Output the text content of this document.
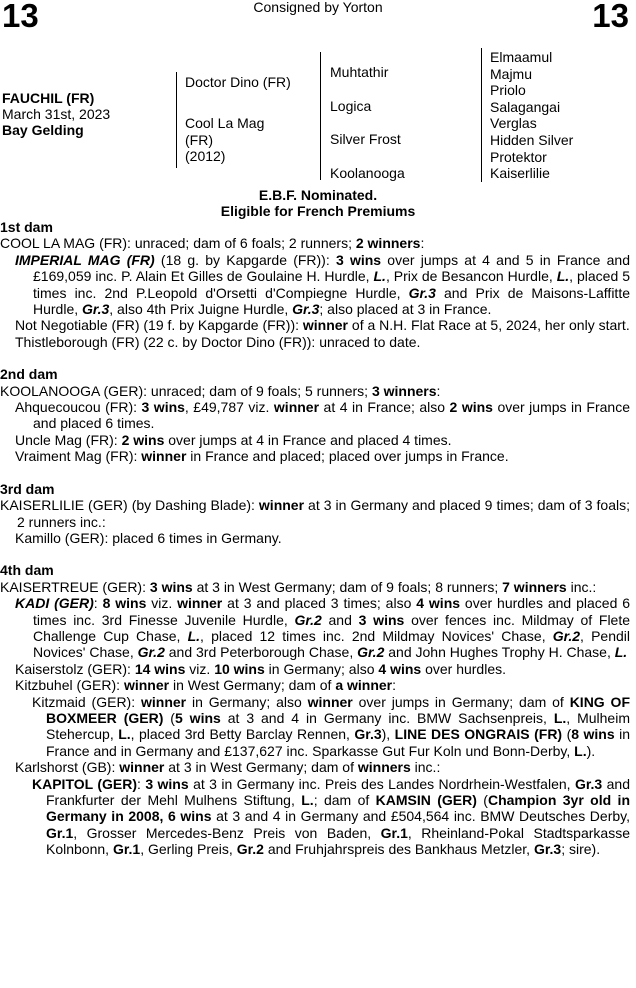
13	Consigned by Yorton	13
FAUCHIL (FR)
March 31st, 2023
Bay Gelding
Doctor Dino (FR)
Cool La Mag
(FR)
(2012)
Muhtathir
Logica
Silver Frost
Koolanooga
Elmaamul
Majmu
Priolo
Salagangai
Verglas
Hidden Silver
Protektor
Kaiserlilie
E.B.F. Nominated.
Eligible for French Premiums
1st dam
COOL LA MAG (FR): unraced; dam of 6 foals; 2 runners; 2 winners:
IMPERIAL MAG (FR) (18 g. by Kapgarde (FR)): 3 wins over jumps at 4 and 5 in France and £169,059 inc. P. Alain Et Gilles de Goulaine H. Hurdle, L., Prix de Besancon Hurdle, L., placed 5 times inc. 2nd P.Leopold d'Orsetti d'Compiegne Hurdle, Gr.3 and Prix de Maisons-Laffitte Hurdle, Gr.3, also 4th Prix Juigne Hurdle, Gr.3; also placed at 3 in France.
Not Negotiable (FR) (19 f. by Kapgarde (FR)): winner of a N.H. Flat Race at 5, 2024, her only start.
Thistleborough (FR) (22 c. by Doctor Dino (FR)): unraced to date.
2nd dam
KOOLANOOGA (GER): unraced; dam of 9 foals; 5 runners; 3 winners:
Ahquecoucou (FR): 3 wins, £49,787 viz. winner at 4 in France; also 2 wins over jumps in France and placed 6 times.
Uncle Mag (FR): 2 wins over jumps at 4 in France and placed 4 times.
Vraiment Mag (FR): winner in France and placed; placed over jumps in France.
3rd dam
KAISERLILIE (GER) (by Dashing Blade): winner at 3 in Germany and placed 9 times; dam of 3 foals; 2 runners inc.:
Kamillo (GER): placed 6 times in Germany.
4th dam
KAISERTREUE (GER): 3 wins at 3 in West Germany; dam of 9 foals; 8 runners; 7 winners inc.:
KADI (GER): 8 wins viz. winner at 3 and placed 3 times; also 4 wins over hurdles and placed 6 times inc. 3rd Finesse Juvenile Hurdle, Gr.2 and 3 wins over fences inc. Mildmay of Flete Challenge Cup Chase, L., placed 12 times inc. 2nd Mildmay Novices' Chase, Gr.2, Pendil Novices' Chase, Gr.2 and 3rd Peterborough Chase, Gr.2 and John Hughes Trophy H. Chase, L.
Kaiserstolz (GER): 14 wins viz. 10 wins in Germany; also 4 wins over hurdles.
Kitzbuhel (GER): winner in West Germany; dam of a winner:
Kitzmaid (GER): winner in Germany; also winner over jumps in Germany; dam of KING OF BOXMEER (GER) (5 wins at 3 and 4 in Germany inc. BMW Sachsenpreis, L., Mulheim Stehercup, L., placed 3rd Betty Barclay Rennen, Gr.3), LINE DES ONGRAIS (FR) (8 wins in France and in Germany and £137,627 inc. Sparkasse Gut Fur Koln und Bonn-Derby, L.).
Karlshorst (GB): winner at 3 in West Germany; dam of winners inc.:
KAPITOL (GER): 3 wins at 3 in Germany inc. Preis des Landes Nordrhein-Westfalen, Gr.3 and Frankfurter der Mehl Mulhens Stiftung, L.; dam of KAMSIN (GER) (Champion 3yr old in Germany in 2008, 6 wins at 3 and 4 in Germany and £504,564 inc. BMW Deutsches Derby, Gr.1, Grosser Mercedes-Benz Preis von Baden, Gr.1, Rheinland-Pokal Stadtsparkasse Kolnbonn, Gr.1, Gerling Preis, Gr.2 and Fruhjahrspreis des Bankhaus Metzler, Gr.3; sire).
